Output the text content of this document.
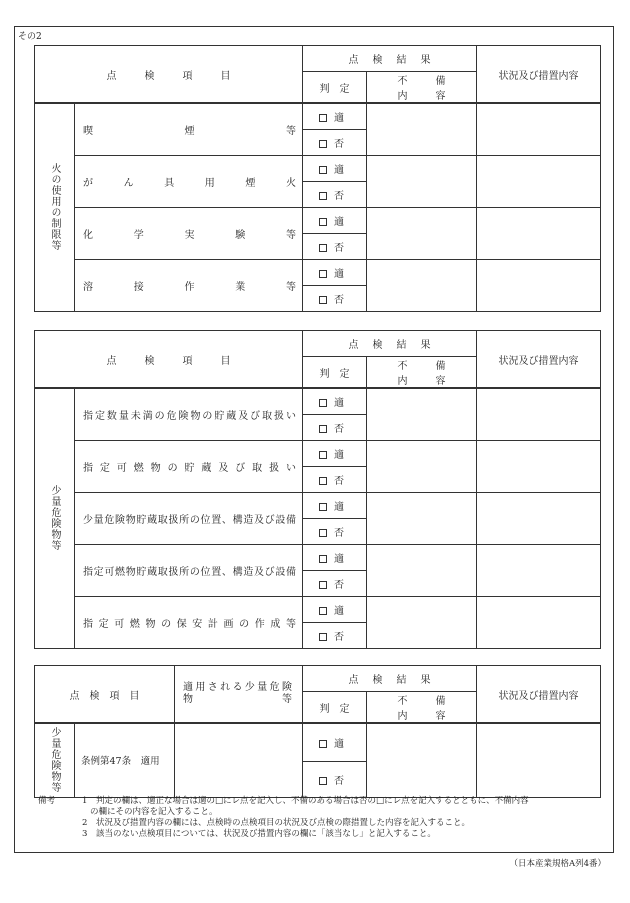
その2
点検項目		点検結果		状況及び措置内容
		判定	不備内容	

火の使用の制限等	喫煙等	適		
		否		
	がん具用煙火	適		
		否		
	化学実験等	適		
		否		
	溶接作業等	適		
		否		
点検項目		点検結果		状況及び措置内容
		判定	不備内容	

少量危険物等	指定数量未満の危険物の貯蔵及び取扱い	適		
		否		
	指定可燃物の貯蔵及び取扱い	適		
		否		
	少量危険物貯蔵取扱所の位置、構造及び設備	適		
		否		
	指定可燃物貯蔵取扱所の位置、構造及び設備	適		
		否		
	指定可燃物の保安計画の作成等	適		
		否		
点検項目		適用される少量危険物等	点検結果		状況及び措置内容
			判定	不備内容	

少量危険物等	条例第47条　適用		適		
			否		
備考	1 判定の欄は、適正な場合は適の□にレ点を記入し、不備のある場合は否の□にレ点を記入するとともに、不備内容
の欄にその内容を記入すること。
2 状況及び措置内容の欄には、点検時の点検項目の状況及び点検の際措置した内容を記入すること。
3 該当のない点検項目については、状況及び措置内容の欄に「該当なし」と記入すること。
（日本産業規格A列4番）
